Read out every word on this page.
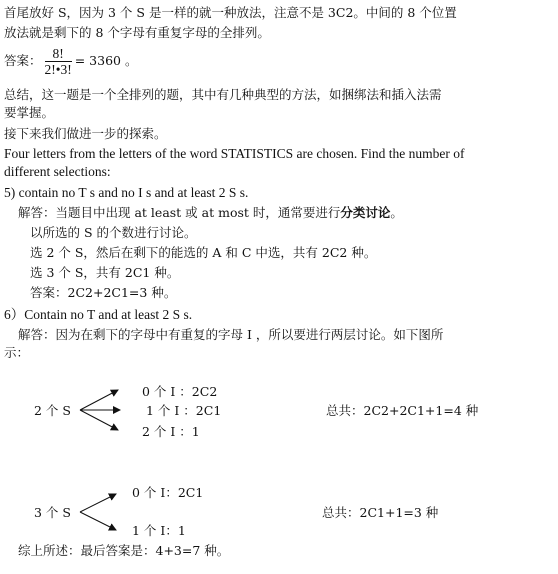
首尾放好 S，因为 3 个 S 是一样的就一种放法，注意不是 3C2。中间的 8 个位置
放法就是剩下的 8 个字母有重复字母的全排列。
答案： $\frac{8!}{2!•3!} = 3360$ 。
总结，这一题是一个全排列的题，其中有几种典型的方法，如捆绑法和插入法需
要掌握。
接下来我们做进一步的探索。
Four letters from the letters of the word STATISTICS are chosen. Find the number of
different selections:
5) contain no T s and no I s and at least 2 S s.
解答：当题目中出现 at least 或 at most 时，通常要进行分类讨论。
以所选的 S 的个数进行讨论。
选 2 个 S，然后在剩下的能选的 A 和 C 中选，共有 2C2 种。
选 3 个 S，共有 2C1 种。
答案：2C2+2C1=3 种。
6）Contain no T and at least 2 S s.
解答：因为在剩下的字母中有重复的字母 I ，所以要进行两层讨论。如下图所
示：
2 个 S
0 个 I ：2C2
1 个 I ：2C1
2 个 I ：1
总共：2C2+2C1+1=4 种
3 个 S
0 个 I：2C1
1 个 I：1
总共：2C1+1=3 种
综上所述：最后答案是：4+3=7 种。
